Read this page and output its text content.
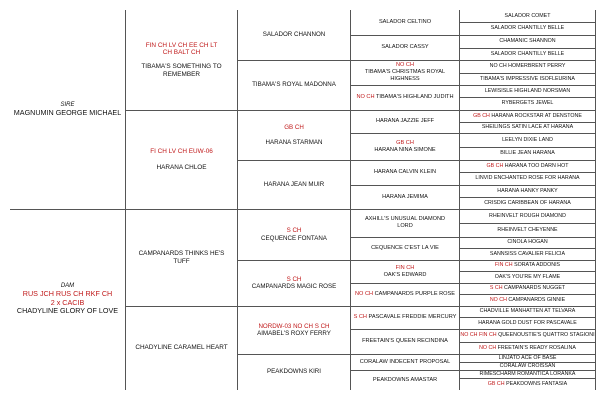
SIRE
MAGNUMIN GEORGE MICHAEL
DAM
RUS JCH RUS CH RKF CH
2 x CACIB
CHADYLINE GLORY OF LOVE
FIN CH LV CH EE CH LT CH BALT CH
TIBAMA'S SOMETHING TO REMEMBER
FI CH LV CH EUW-06
HARANA CHLOE
CAMPANARDS THINKS HE'S TUFF
CHADYLINE CARAMEL HEART
SALADOR CHANNON
TIBAMA'S ROYAL MADONNA
GB CH
HARANA STARMAN
HARANA JEAN MUIR
S CH
CEQUENCE FONTANA
S CH
CAMPANARDS MAGIC ROSE
NORDW-03 NO CH S CH
AIMABEL'S ROXY FERRY
PEAKDOWNS KIRI
SALADOR CELTINO
SALADOR CASSY
NO CH
TIBAMA'S CHRISTMAS ROYAL HIGHNESS
NO CH TIBAMA'S HIGHLAND JUDITH
HARANA JAZZIE JEFF
GB CH
HARANA NINA SIMONE
HARANA CALVIN KLEIN
HARANA JEMIMA
AXHILL'S UNUSUAL DIAMOND LORD
CEQUENCE C'EST LA VIE
FIN CH
OAK'S EDWARD
NO CH CAMPANARDS PURPLE ROSE
S CH PASCAVALE FREDDIE MERCURY
FREETAIN'S QUEEN RECINDINA
CORALAW INDECENT PROPOSAL
PEAKDOWNS AMASTAR
SALADOR COMET
SALADOR CHANTILLY BELLE
CHAMANIC SHANNON
SALADOR CHANTILLY BELLE
NO CH HOMERBRENT PERRY
TIBAMA'S IMPRESSIVE ISOFLEURINA
LEWISISLE HIGHLAND NORSMAN
RYBERGETS JEWEL
GB CH HARANA ROCKSTAR AT DENSTONE
SHEILINGS SATIN LACE AT HARANA
LEELYN DIXIE LAND
BILLIE JEAN HARANA
GB CH HARANA TOO DARN HOT
LINVID ENCHANTED ROSE FOR HARANA
HARANA HANKY PANKY
CRISDIG CARIBBEAN OF HARANA
RHEINVELT ROUGH DIAMOND
RHEINVELT CHEYENNE
CINOLA HOGAN
SANNSISS CAVALIER FELICIA
FIN CH SORATA ADDONIS
OAK'S YOU'RE MY FLAME
S CH CAMPANARDS NUGGET
NO CH CAMPANARDS GINNIE
CHADVILLE MANHATTEN AT TELVARA
HARANA GOLD DUST FOR PASCAVALE
NO CH FIN CH QUEENOUSTIE'S QUATTRO STAGIONI
NO CH FREETAIN'S READY ROSALINA
LINJATO ACE OF BASE
CORALAW CROISSAN
RIMESCHARM ROMANTICA LORANKA
GB CH PEAKDOWNS FANTASIA
